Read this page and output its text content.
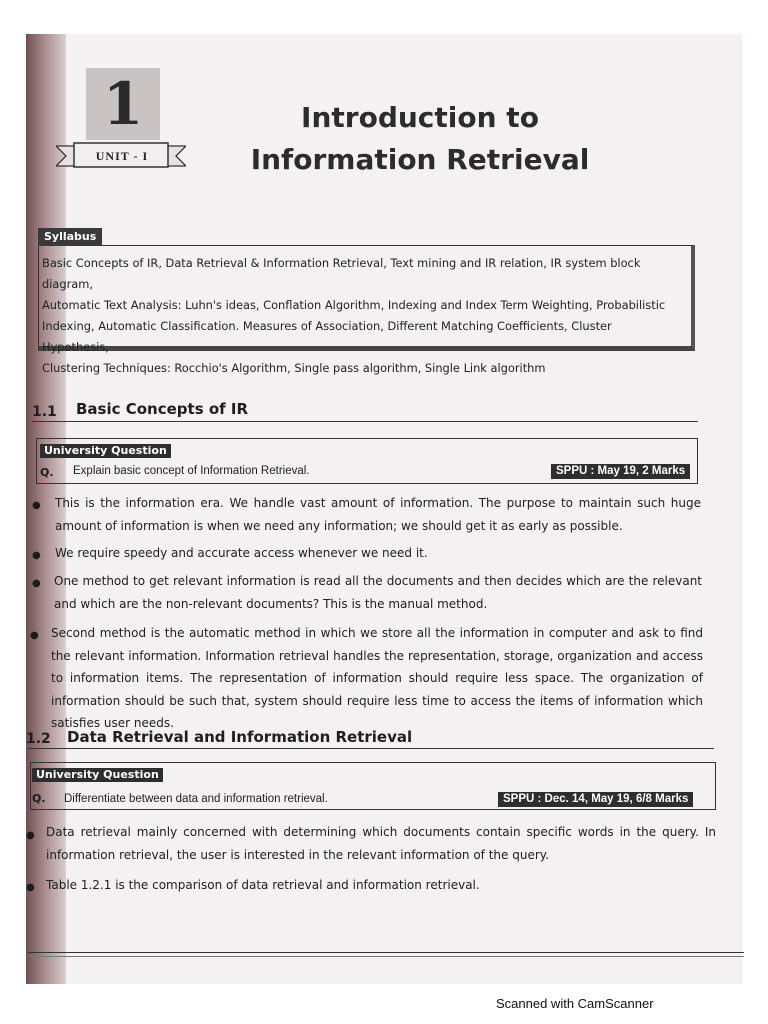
1
UNIT - I
Introduction to
Information Retrieval
Syllabus
Basic Concepts of IR, Data Retrieval & Information Retrieval, Text mining and IR relation, IR system block diagram,
Automatic Text Analysis: Luhn's ideas, Conflation Algorithm, Indexing and Index Term Weighting, Probabilistic
Indexing, Automatic Classification. Measures of Association, Different Matching Coefficients, Cluster Hypothesis,
Clustering Techniques: Rocchio's Algorithm, Single pass algorithm, Single Link algorithm
1.1 Basic Concepts of IR
University Question
Q. Explain basic concept of Information Retrieval.	SPPU : May 19, 2 Marks
● This is the information era. We handle vast amount of information. The purpose to maintain such huge amount of information is when we need any information; we should get it as early as possible.
● We require speedy and accurate access whenever we need it.
● One method to get relevant information is read all the documents and then decides which are the relevant and which are the non-relevant documents? This is the manual method.
● Second method is the automatic method in which we store all the information in computer and ask to find the relevant information. Information retrieval handles the representation, storage, organization and access to information items. The representation of information should require less space. The organization of information should be such that, system should require less time to access the items of information which satisfies user needs.
1.2 Data Retrieval and Information Retrieval
University Question
Q. Differentiate between data and information retrieval.	SPPU : Dec. 14, May 19, 6/8 Marks
● Data retrieval mainly concerned with determining which documents contain specific words in the query. In information retrieval, the user is interested in the relevant information of the query.
● Table 1.2.1 is the comparison of data retrieval and information retrieval.
Scanned with CamScanner
